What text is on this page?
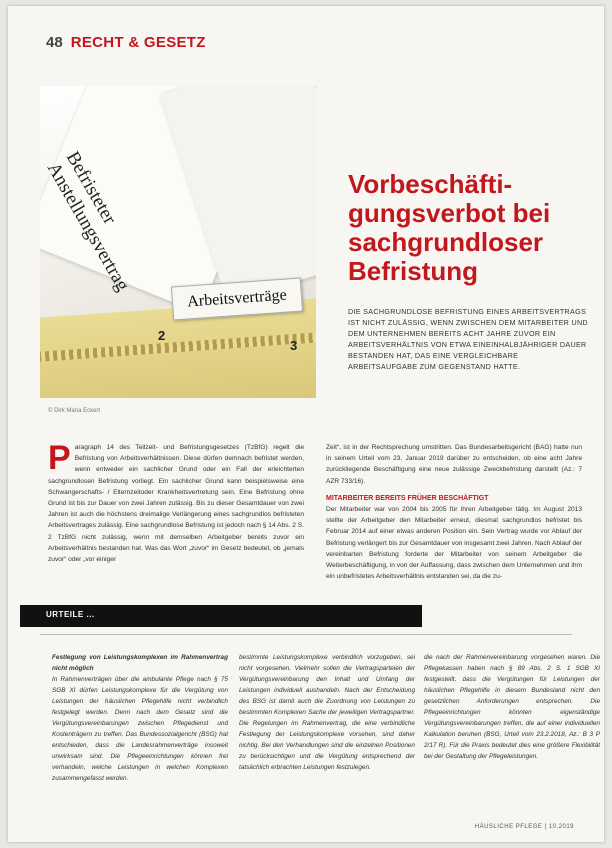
48 RECHT & GESETZ
Befristeter
Anstellungsvertrag
Arbeitsverträge
2
3
© Dirk Maria Eckert
Vorbeschäfti-
gungsverbot bei
sachgrundloser
Befristung

DIE SACHGRUNDLOSE BEFRISTUNG EINES ARBEITSVERTRAGS IST NICHT ZULÄSSIG, WENN ZWISCHEN DEM MITARBEITER UND DEM UNTERNEHMEN BEREITS ACHT JAHRE ZUVOR EIN ARBEITSVERHÄLTNIS VON ETWA EINEINHALBJÄHRIGER DAUER BESTANDEN HAT, DAS EINE VERGLEICHBARE ARBEITSAUFGABE ZUM GEGENSTAND HATTE.

P aragraph 14 des Teilzeit- und Befristungsgesetzes (TzBfG) regelt die Befristung von Arbeitsverhältnissen. Diese dürfen demnach befristet werden, wenn entweder ein sachlicher Grund oder ein Fall der erleichterten sachgrundlosen Befristung vorliegt. Ein sachlicher Grund kann beispielsweise eine Schwangerschafts- / Elternzeitoder Krankheitsvertretung sein. Eine Befristung ohne Grund ist bis zur Dauer von zwei Jahren zulässig. Bis zu dieser Gesamtdauer von zwei Jahren ist auch die höchstens dreimalige Verlängerung eines sachgrundlos befristeten Arbeitsvertrages zulässig. Eine sachgrundlose Befristung ist jedoch nach § 14 Abs. 2 S. 2 TzBfG nicht zulässig, wenn mit demselben Arbeitgeber bereits zuvor ein Arbeitsverhältnis bestanden hat. Was das Wort „zuvor“ im Gesetz bedeutet, ob „jemals zuvor“ oder „vor einiger
Zeit“, ist in der Rechtsprechung umstritten. Das Bundesarbeitsgericht (BAG) hatte nun in seinem Urteil vom 23. Januar 2019 darüber zu entscheiden, ob eine acht Jahre zurückliegende Beschäftigung eine neue zulässige Zweckbefristung darstellt (Az.: 7 AZR 733/16).
MITARBEITER BEREITS FRÜHER BESCHÄFTIGT
Der Mitarbeiter war von 2004 bis 2005 für ihren Arbeitgeber tätig. Im August 2013 stellte der Arbeitgeber den Mitarbeiter erneut, diesmal sachgrundlos befristet bis Februar 2014 auf einer etwas anderen Position ein. Sein Vertrag wurde vor Ablauf der Befristung verlängert bis zur Gesamtdauer von insgesamt zwei Jahren. Nach Ablauf der vereinbarten Befristung forderte der Mitarbeiter von seinem Arbeitgeber die Weiterbeschäftigung, in von der Auffassung, dass zwischen dem Unternehmen und ihm ein unbefristetes Arbeitsverhältnis entstanden sei, da die zu-
URTEILE ...
Festlegung von Leistungskomplexen im Rahmenvertrag nicht möglich
In Rahmenverträgen über die ambulante Pflege nach § 75 SGB XI dürfen Leistungskomplexe für die Vergütung von Leistungen der häuslichen Pflegehilfe nicht verbindlich festgelegt werden. Denn nach dem Gesetz sind die Vergütungsvereinbarungen zwischen Pflegedienst und Kostenträgern zu treffen. Das Bundessozialgericht (BSG) hat entschieden, dass die Landesrahmenverträge insoweit unwirksam sind. Die Pflegeeinrichtungen können frei verhandeln, welche Leistungen in welchen Komplexen zusammengefasst werden.
bestimmte Leistungskomplexe verbindlich vorzugeben, sei nicht vorgesehen. Vielmehr sollen die Vertragsparteien der Vergütungsvereinbarung den Inhalt und Umfang der Leistungen individuell aushandeln. Nach der Entscheidung des BSG ist damit auch die Zuordnung von Leistungen zu bestimmten Komplexen Sache der jeweiligen Vertragspartner. Die Regelungen im Rahmenvertrag, die eine verbindliche Festlegung der Leistungskomplexe vorsehen, sind daher nichtig. Bei den Verhandlungen sind die einzelnen Positionen zu berücksichtigen und die Vergütung entsprechend der tatsächlich erbrachten Leistungen festzulegen.
die nach der Rahmenvereinbarung vorgesehen waren. Die Pflegekassen haben nach § 89 Abs. 2 S. 1 SGB XI festgestellt, dass die Vergütungen für Leistungen der häuslichen Pflegehilfe in diesem Bundesland nicht den gesetzlichen Anforderungen entsprechen. Die Pflegeeinrichtungen könnten eigenständige Vergütungsvereinbarungen treffen, die auf einer individuellen Kalkulation beruhen (BSG, Urteil vom 23.2.2018, Az.: B 3 P 2/17 R). Für die Praxis bedeutet dies eine größere Flexibilität bei der Gestaltung der Pflegeleistungen.
HÄUSLICHE PFLEGE | 10.2019
